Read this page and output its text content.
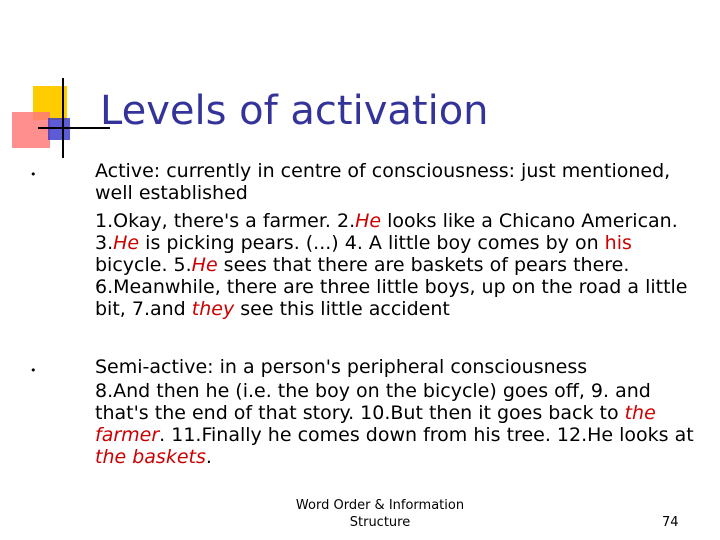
Levels of activation
•	Active: currently in centre of consciousness: just mentioned, well established

1.Okay, there's a farmer. 2.He looks like a Chicano American. 3.He is picking pears. (...) 4. A little boy comes by on his bicycle. 5.He sees that there are baskets of pears there. 6.Meanwhile, there are three little boys, up on the road a little bit, 7.and they see this little accident

•	Semi-active: in a person's peripheral consciousness

8.And then he (i.e. the boy on the bicycle) goes off, 9. and that's the end of that story. 10.But then it goes back to the farmer. 11.Finally he comes down from his tree. 12.He looks at the baskets.

Word Order & Information Structure	74
